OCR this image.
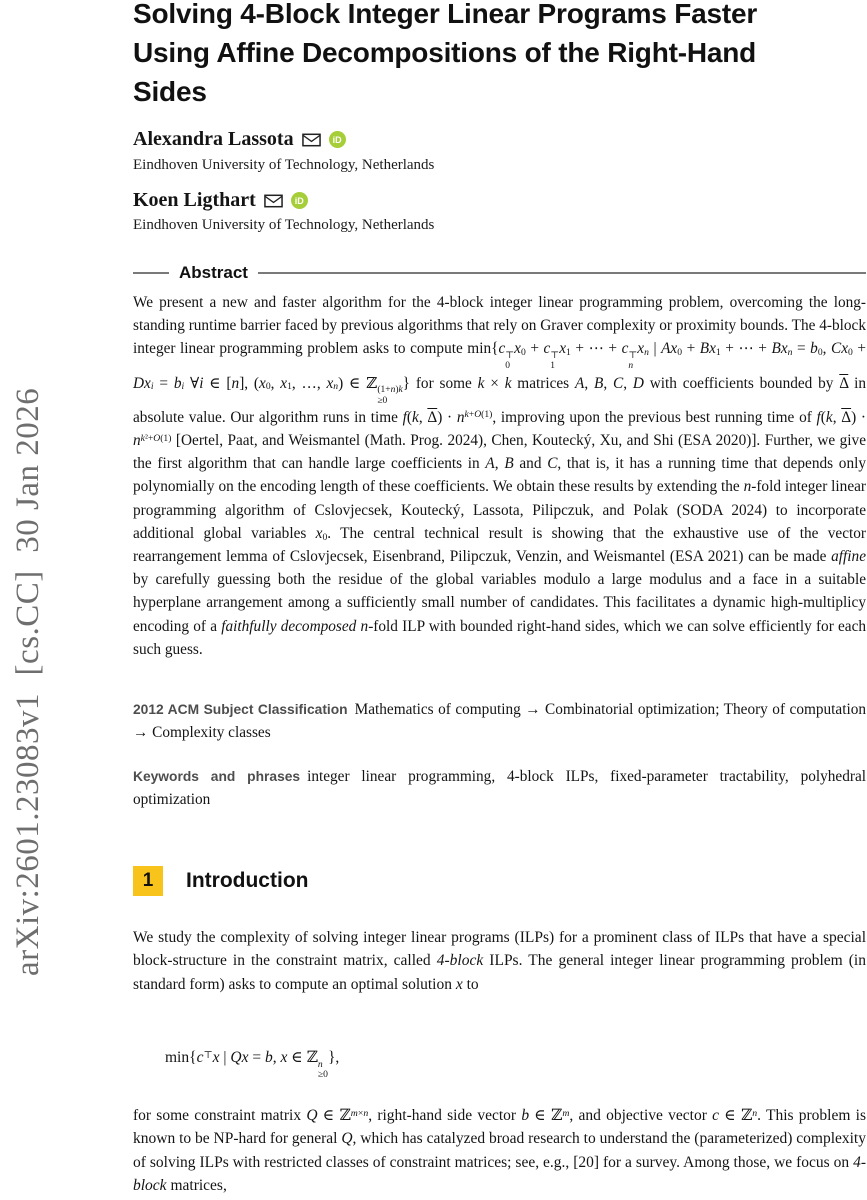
arXiv:2601.23083v1  [cs.CC]  30 Jan 2026
Solving 4-Block Integer Linear Programs Faster
Using Affine Decompositions of the Right-Hand
Sides
Alexandra Lassota	iD
Eindhoven University of Technology, Netherlands
Koen Ligthart	iD
Eindhoven University of Technology, Netherlands
Abstract

We present a new and faster algorithm for the 4-block integer linear programming problem, overcoming the long-standing runtime barrier faced by previous algorithms that rely on Graver complexity or proximity bounds. The 4-block integer linear programming problem asks to compute min{c ⊤
0
$x_0 + c$ ⊤
1
$x_1$ + ⋯ + c ⊤
n
$x_n$ | $Ax_0 + Bx_1$ + ⋯ + $Bx_n = b_0$, $Cx_0 + Dx_i = b_i$ ∀i ∈ [n], ($x_0$, $x_1$, …, $x_n$) ∈ ℤ (1+n)k
≥0
} for some k × k matrices A, B, C, D with coefficients bounded by $\overline{\Delta}$ in absolute value. Our algorithm runs in time f(k, $\overline{\Delta}) \cdot n^{k+O(1)}$, improving upon the previous best running time of f(k, $\overline{\Delta}) \cdot n^{k^2+O(1)}$ [Oertel, Paat, and Weismantel (Math. Prog. 2024), Chen, Koutecký, Xu, and Shi (ESA 2020)]. Further, we give the first algorithm that can handle large coefficients in A, B and C, that is, it has a running time that depends only polynomially on the encoding length of these coefficients. We obtain these results by extending the n-fold integer linear programming algorithm of Cslovjecsek, Koutecký, Lassota, Pilipczuk, and Polak (SODA 2024) to incorporate additional global variables $x_0$. The central technical result is showing that the exhaustive use of the vector rearrangement lemma of Cslovjecsek, Eisenbrand, Pilipczuk, Venzin, and Weismantel (ESA 2021) can be made affine by carefully guessing both the residue of the global variables modulo a large modulus and a face in a suitable hyperplane arrangement among a sufficiently small number of candidates. This facilitates a dynamic high-multiplicy encoding of a faithfully decomposed n-fold ILP with bounded right-hand sides, which we can solve efficiently for each such guess.

2012 ACM Subject Classification Mathematics of computing → Combinatorial optimization; Theory of computation → Complexity classes

Keywords and phrases integer linear programming, 4-block ILPs, fixed-parameter tractability, polyhedral optimization

1	Introduction

We study the complexity of solving integer linear programs (ILPs) for a prominent class of ILPs that have a special block-structure in the constraint matrix, called 4-block ILPs. The general integer linear programming problem (in standard form) asks to compute an optimal solution x to

min{c⊤x | Qx = b, x ∈ ℤ n
≥0
},

for some constraint matrix Q ∈ ℤ$^{m\times n}$, right-hand side vector b ∈ ℤ$^m$, and objective vector c ∈ ℤ$^n$. This problem is known to be NP-hard for general Q, which has catalyzed broad research to understand the (parameterized) complexity of solving ILPs with restricted classes of constraint matrices; see, e.g., [20] for a survey. Among those, we focus on 4-block matrices,
